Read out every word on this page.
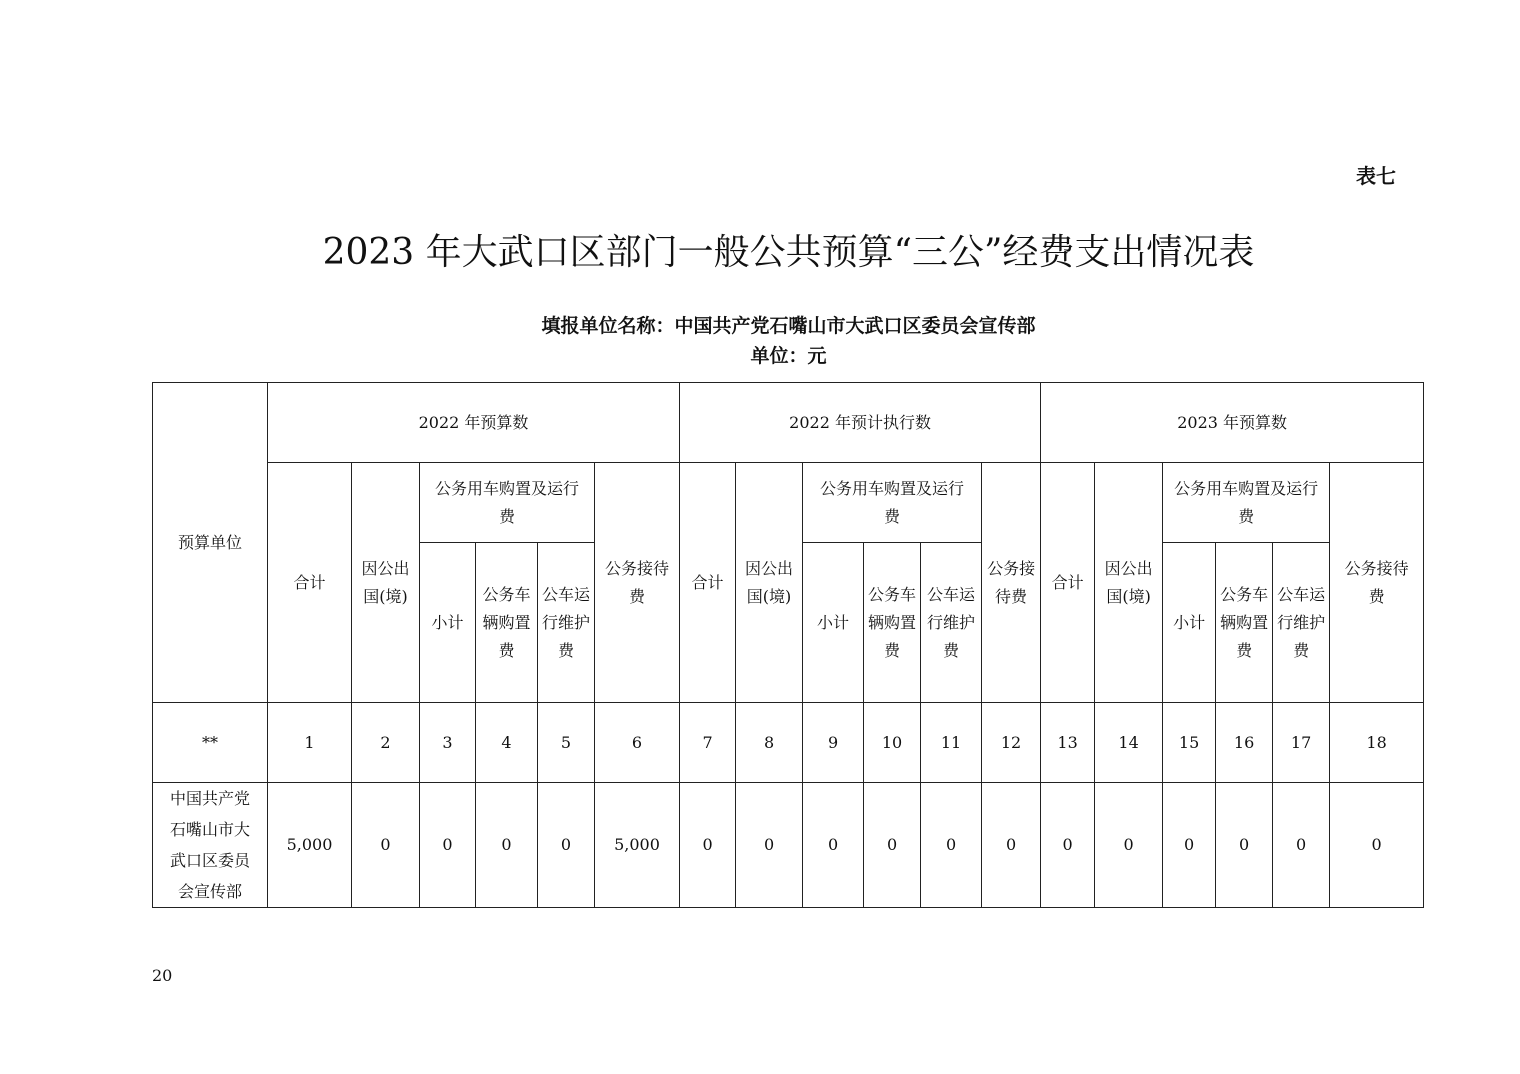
表七
2023 年大武口区部门一般公共预算“三公”经费支出情况表
填报单位名称：中国共产党石嘴山市大武口区委员会宣传部
单位：元
预算单位	2022 年预算数						2022 年预计执行数						2023 年预算数					
	合计	因公出国(境)	公务用车购置及运行费			公务接待费	合计	因公出国(境)	公务用车购置及运行费			公务接待费	合计	因公出国(境)	公务用车购置及运行费			公务接待费
			小计	公务车辆购置费	公车运行维护费				小计	公务车辆购置费	公车运行维护费				小计	公务车辆购置费	公车运行维护费	
**	1	2	3	4	5	6	7	8	9	10	11	12	13	14	15	16	17	18
中国共产党石嘴山市大武口区委员会宣传部	5,000	0	0	0	0	5,000	0	0	0	0	0	0	0	0	0	0	0	0
20
